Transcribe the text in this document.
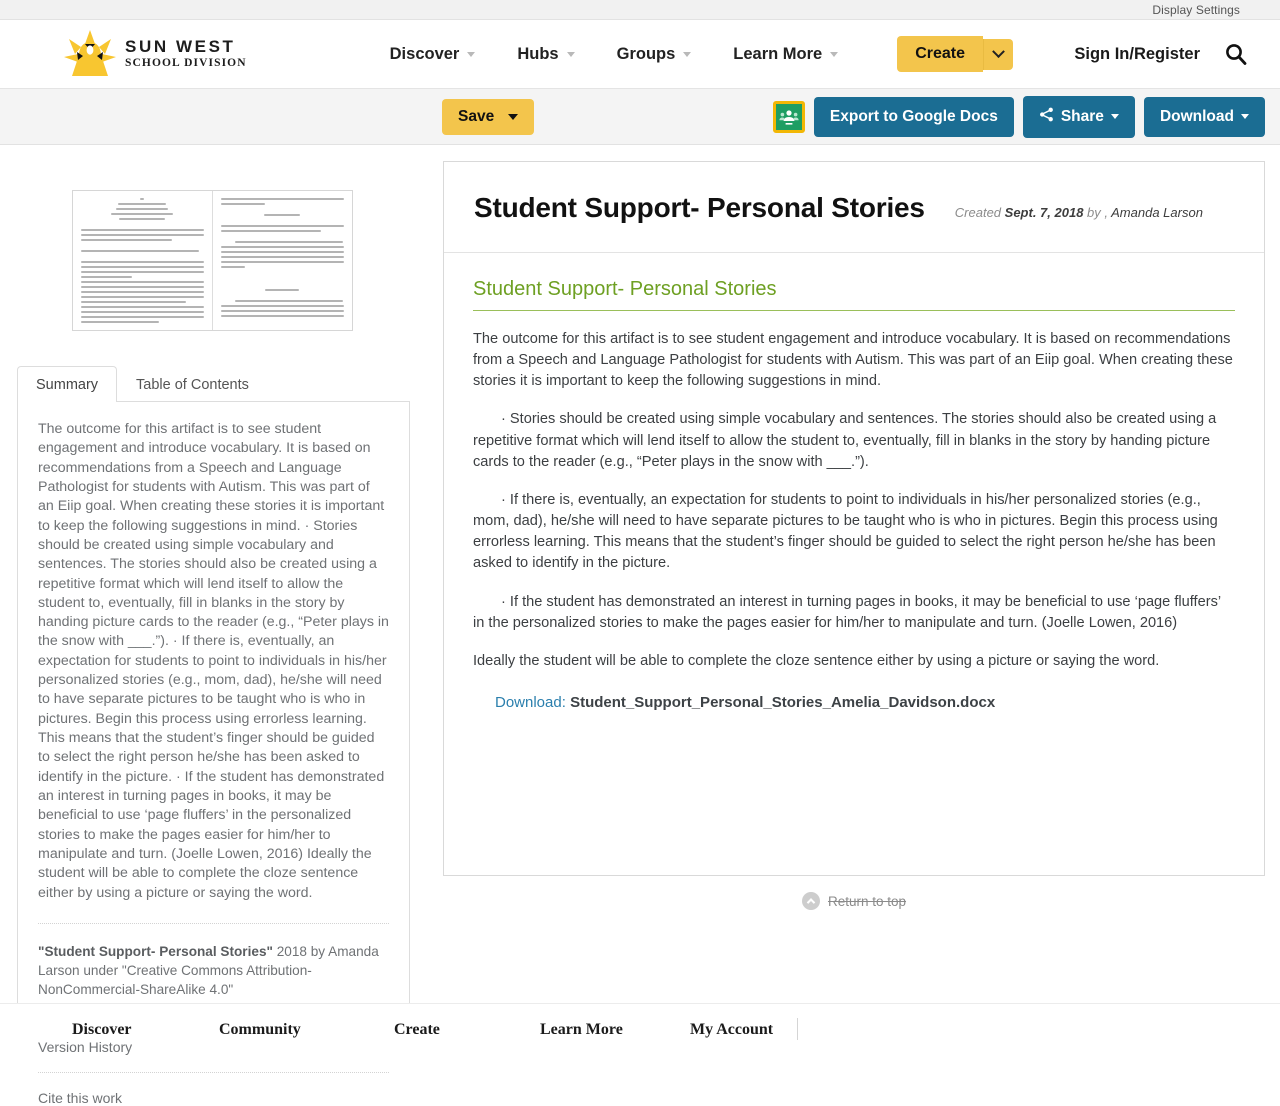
Display Settings
SUN WEST
SCHOOL DIVISION
Discover	Hubs	Groups	Learn More	Create	Sign In/Register
Save	Export to Google Docs	Share	Download
Summary	Table of Contents

The outcome for this artifact is to see student engagement and introduce vocabulary. It is based on recommendations from a Speech and Language Pathologist for students with Autism. This was part of an Eiip goal. When creating these stories it is important to keep the following suggestions in mind. · Stories should be created using simple vocabulary and sentences. The stories should also be created using a repetitive format which will lend itself to allow the student to, eventually, fill in blanks in the story by handing picture cards to the reader (e.g., “Peter plays in the snow with ___.”). · If there is, eventually, an expectation for students to point to individuals in his/her personalized stories (e.g., mom, dad), he/she will need to have separate pictures to be taught who is who in pictures. Begin this process using errorless learning. This means that the student’s finger should be guided to select the right person he/she has been asked to identify in the picture. · If the student has demonstrated an interest in turning pages in books, it may be beneficial to use ‘page fluffers’ in the personalized stories to make the pages easier for him/her to manipulate and turn. (Joelle Lowen, 2016) Ideally the student will be able to complete the cloze sentence either by using a picture or saying the word.

"Student Support- Personal Stories" 2018 by Amanda Larson under "Creative Commons Attribution-NonCommercial-ShareAlike 4.0"
Version History
Cite this work
Student Support- Personal Stories Created Sept. 7, 2018 by , Amanda Larson
Student Support- Personal Stories

The outcome for this artifact is to see student engagement and introduce vocabulary. It is based on recommendations from a Speech and Language Pathologist for students with Autism. This was part of an Eiip goal. When creating these stories it is important to keep the following suggestions in mind.

· Stories should be created using simple vocabulary and sentences. The stories should also be created using a repetitive format which will lend itself to allow the student to, eventually, fill in blanks in the story by handing picture cards to the reader (e.g., “Peter plays in the snow with ___.”).

· If there is, eventually, an expectation for students to point to individuals in his/her personalized stories (e.g., mom, dad), he/she will need to have separate pictures to be taught who is who in pictures. Begin this process using errorless learning. This means that the student’s finger should be guided to select the right person he/she has been asked to identify in the picture.

· If the student has demonstrated an interest in turning pages in books, it may be beneficial to use ‘page fluffers’ in the personalized stories to make the pages easier for him/her to manipulate and turn. (Joelle Lowen, 2016)

Ideally the student will be able to complete the cloze sentence either by using a picture or saying the word.

Download: Student_Support_Personal_Stories_Amelia_Davidson.docx
Return to top
Discover	Community	Create	Learn More	My Account
